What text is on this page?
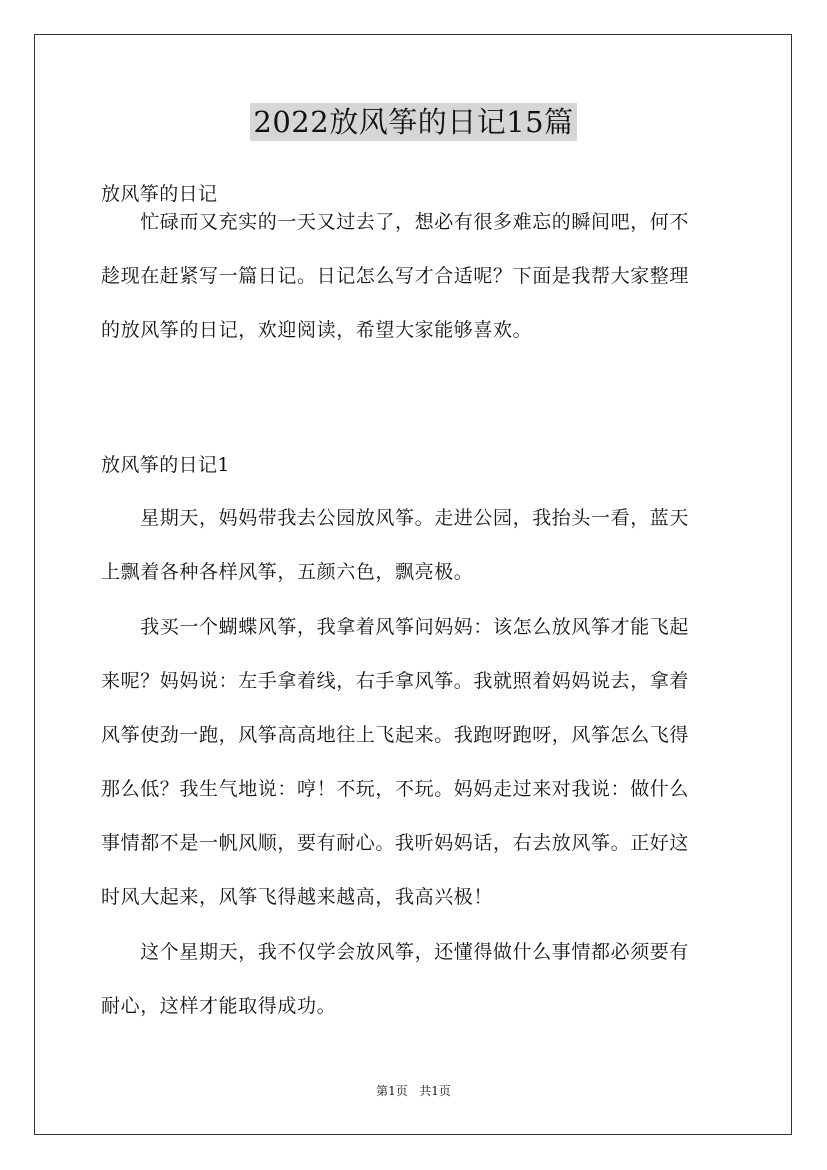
2022放风筝的日记15篇
放风筝的日记
　　忙碌而又充实的一天又过去了，想必有很多难忘的瞬间吧，何不
趁现在赶紧写一篇日记。日记怎么写才合适呢？下面是我帮大家整理
的放风筝的日记，欢迎阅读，希望大家能够喜欢。
放风筝的日记1
　　星期天，妈妈带我去公园放风筝。走进公园，我抬头一看，蓝天
上飘着各种各样风筝，五颜六色，飘亮极。
　　我买一个蝴蝶风筝，我拿着风筝问妈妈：该怎么放风筝才能飞起
来呢？妈妈说：左手拿着线，右手拿风筝。我就照着妈妈说去，拿着
风筝使劲一跑，风筝高高地往上飞起来。我跑呀跑呀，风筝怎么飞得
那么低？我生气地说：哼！不玩，不玩。妈妈走过来对我说：做什么
事情都不是一帆风顺，要有耐心。我听妈妈话，右去放风筝。正好这
时风大起来，风筝飞得越来越高，我高兴极！
　　这个星期天，我不仅学会放风筝，还懂得做什么事情都必须要有
耐心，这样才能取得成功。
第1页 共1页
